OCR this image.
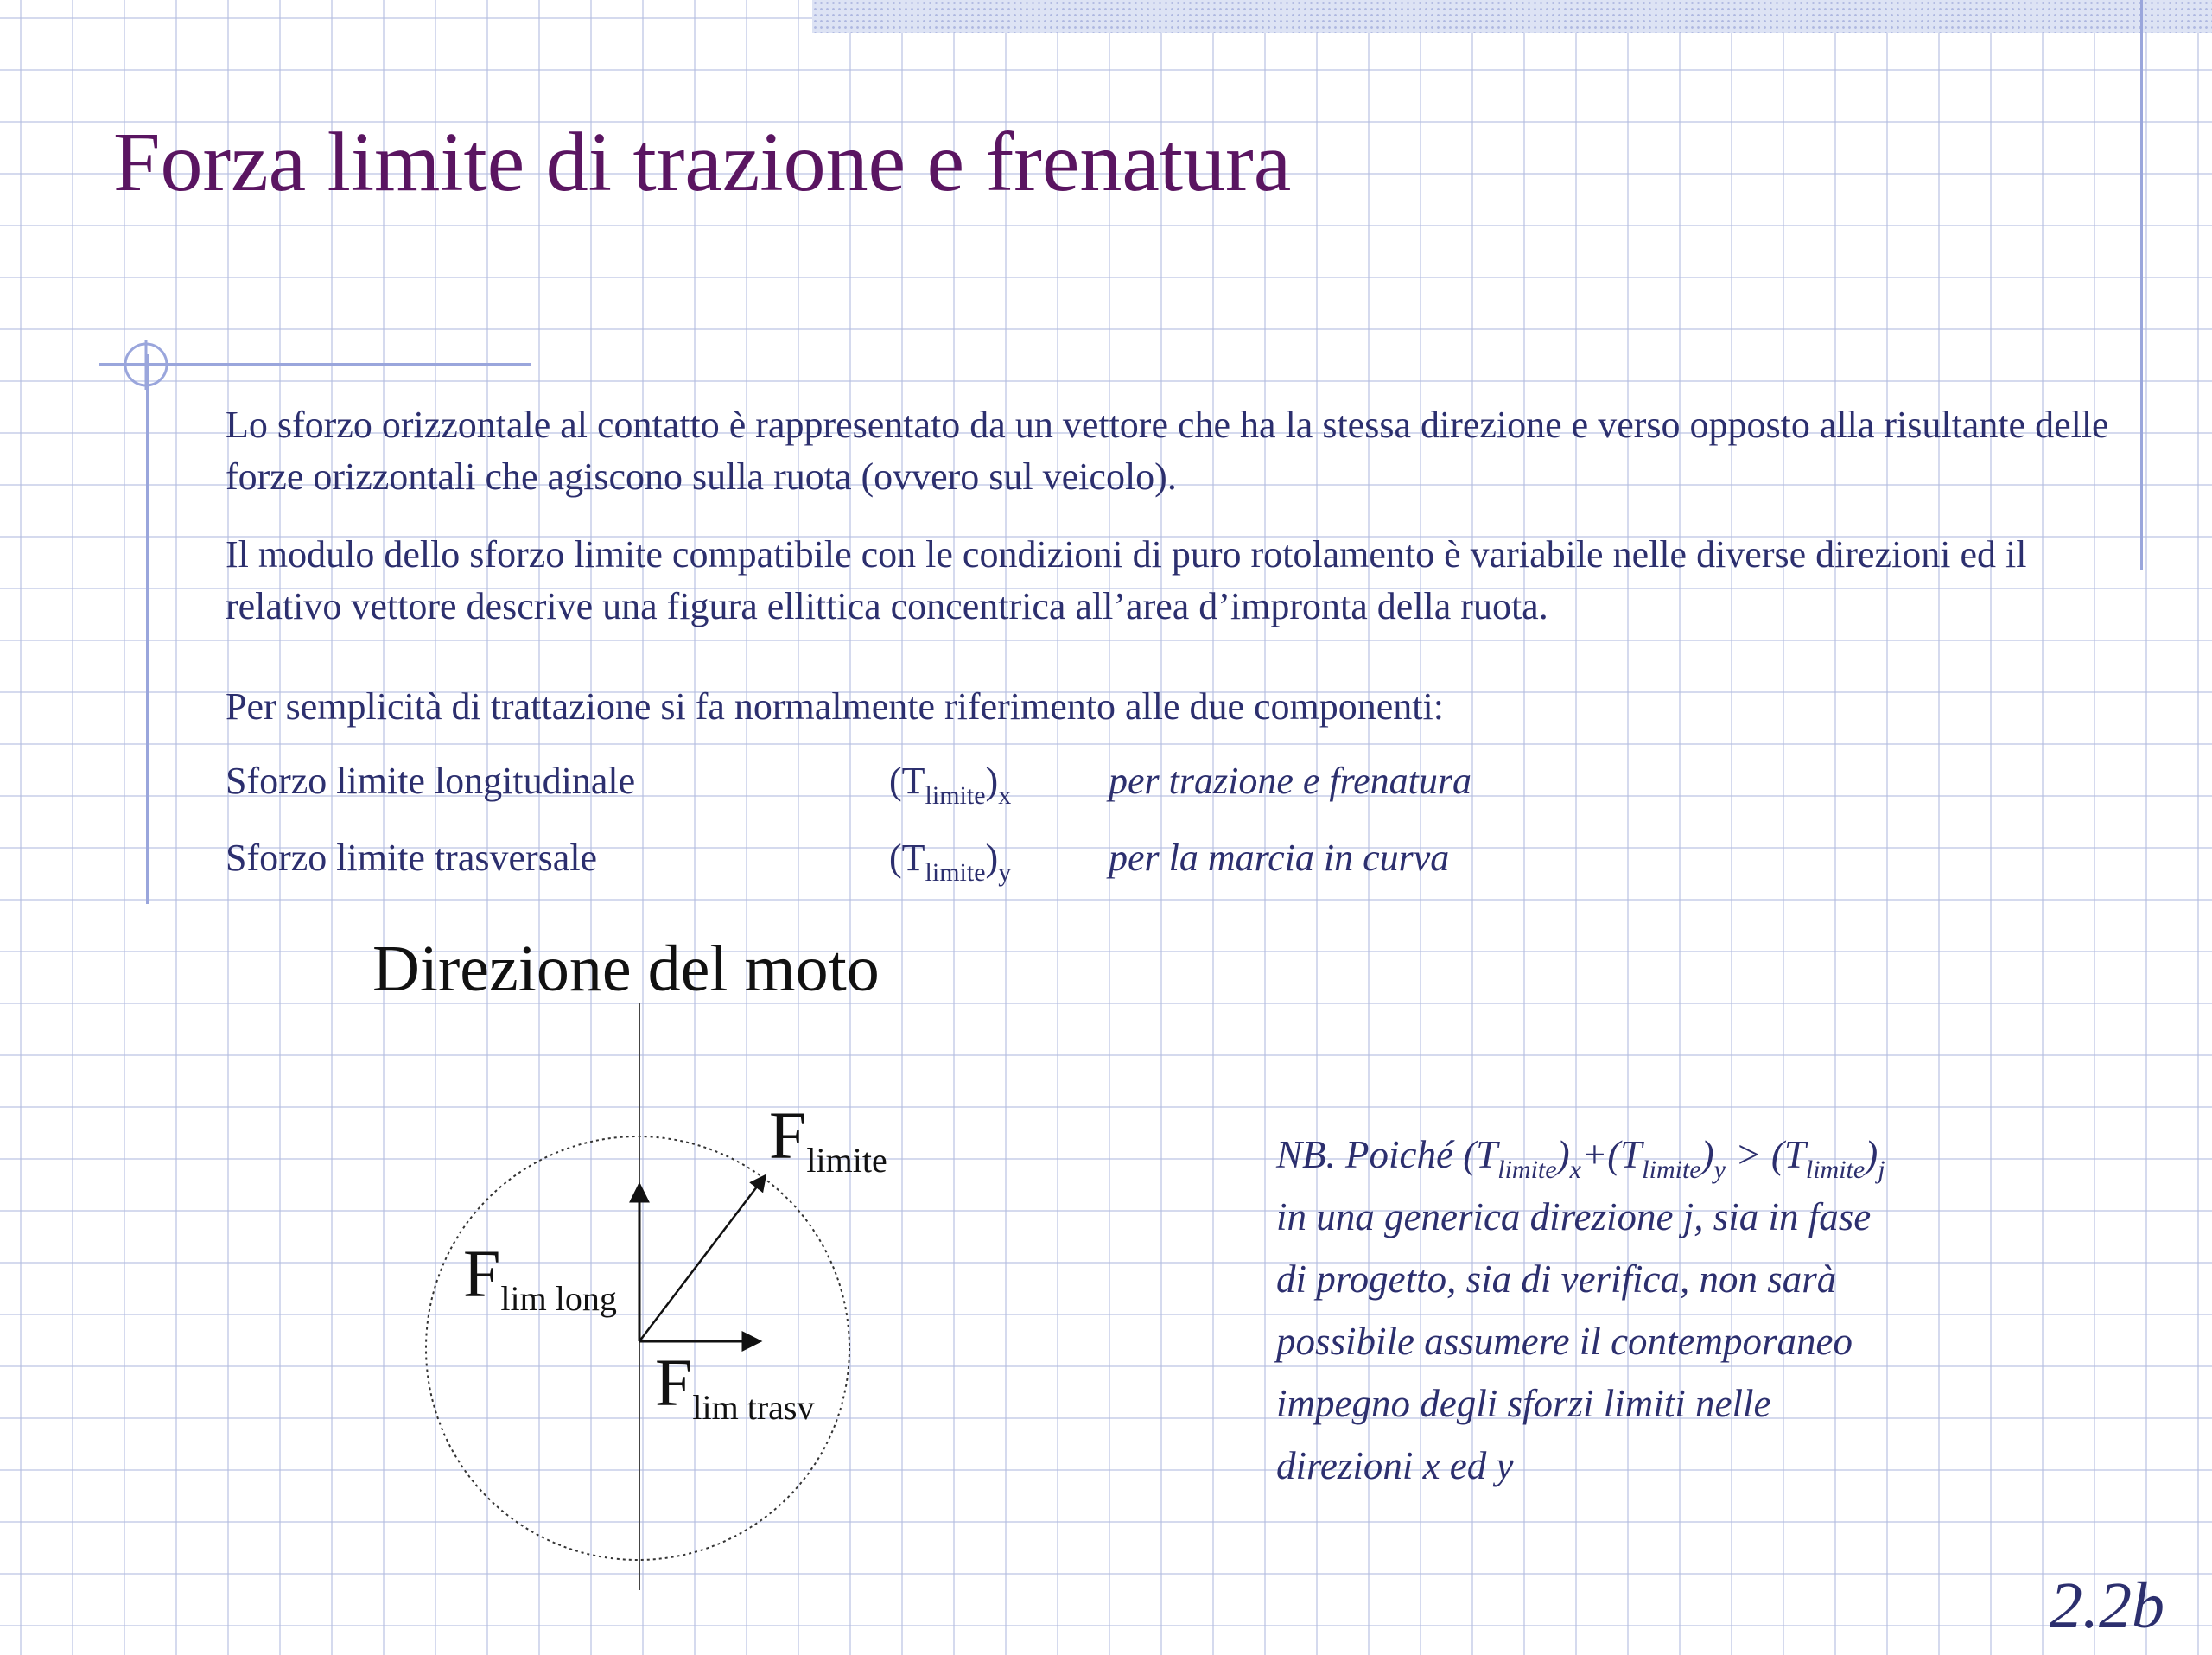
Forza limite di trazione e frenatura

Lo sforzo orizzontale al contatto è rappresentato da un vettore che ha la stessa direzione e verso opposto alla risultante delle forze orizzontali che agiscono sulla ruota (ovvero sul veicolo).

Il modulo dello sforzo limite compatibile con le condizioni di puro rotolamento è variabile nelle diverse direzioni ed il relativo vettore descrive una figura ellittica concentrica all’area d’impronta della ruota.

Per semplicità di trattazione si fa normalmente riferimento alle due componenti:

Sforzo limite longitudinale	$(T_{limite})_x$	per trazione e frenatura
Sforzo limite trasversale	$(T_{limite})_y$	per la marcia in curva
Direzione del moto
Flimite
Flim long
Flim trasv
NB. Poiché $(T_{limite})_x+(T_{limite})_y > (T_{limite})_j$
in una generica direzione j, sia in fase
di progetto, sia di verifica, non sarà
possibile assumere il contemporaneo
impegno degli sforzi limiti nelle
direzioni x ed y
2.2b
